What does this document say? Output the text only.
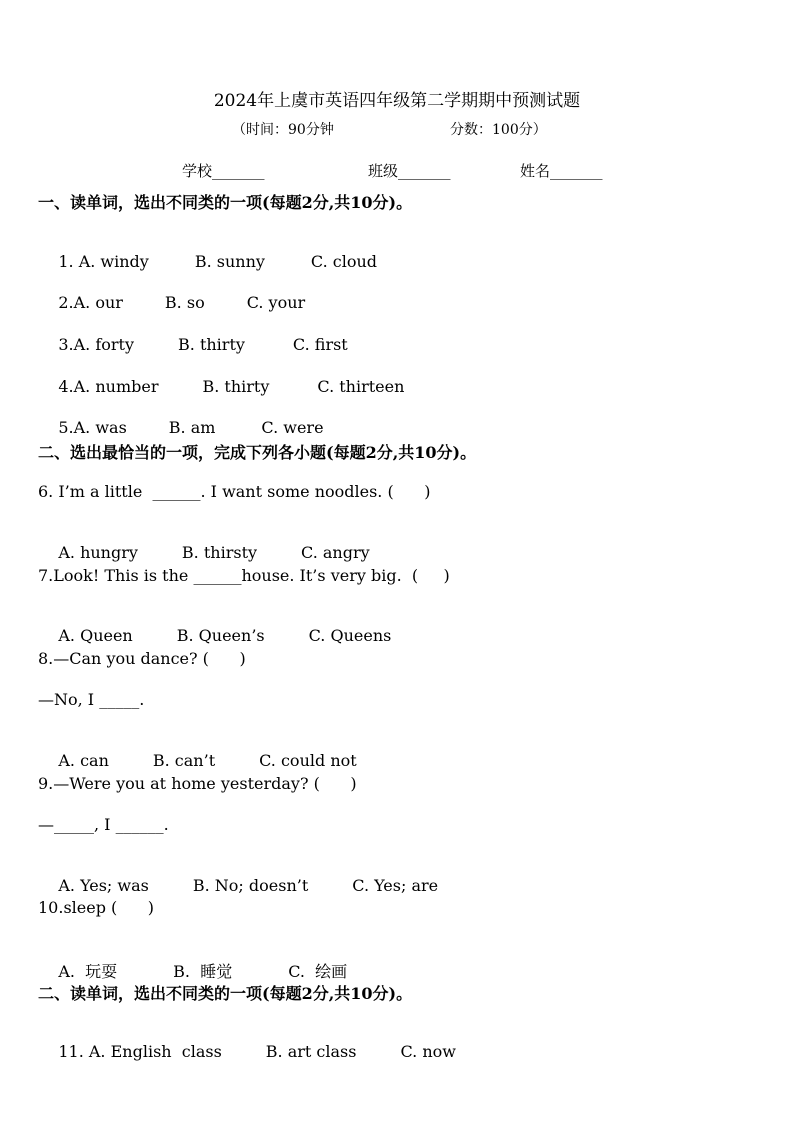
2024年上虞市英语四年级第二学期期中预测试题
（时间：90分钟	分数：100分）
学校_______	班级_______	姓名_______
一、读单词，选出不同类的一项(每题2分,共10分)。

1. A. windy	B. sunny	C. cloud

2.A. our	B. so	C. your

3.A. forty	B. thirty	C. first

4.A. number	B. thirty	C. thirteen

5.A. was	B. am	C. were

二、选出最恰当的一项，完成下列各小题(每题2分,共10分)。
6. I’m a little  ______. I want some noodles. (      )

A. hungry	B. thirsty	C. angry

7.Look! This is the ______house. It’s very big.  (     )

A. Queen	B. Queen’s	C. Queens

8.—Can you dance? (      )
—No, I _____.

A. can	B. can’t	C. could not

9.—Were you at home yesterday? (      )
—_____, I ______.

A. Yes; was	B. No; doesn’t	C. Yes; are

10.sleep (      )

A.  玩耍	B.  睡觉	C.  绘画

二、读单词，选出不同类的一项(每题2分,共10分)。

11. A. English  class	B. art class	C. now
